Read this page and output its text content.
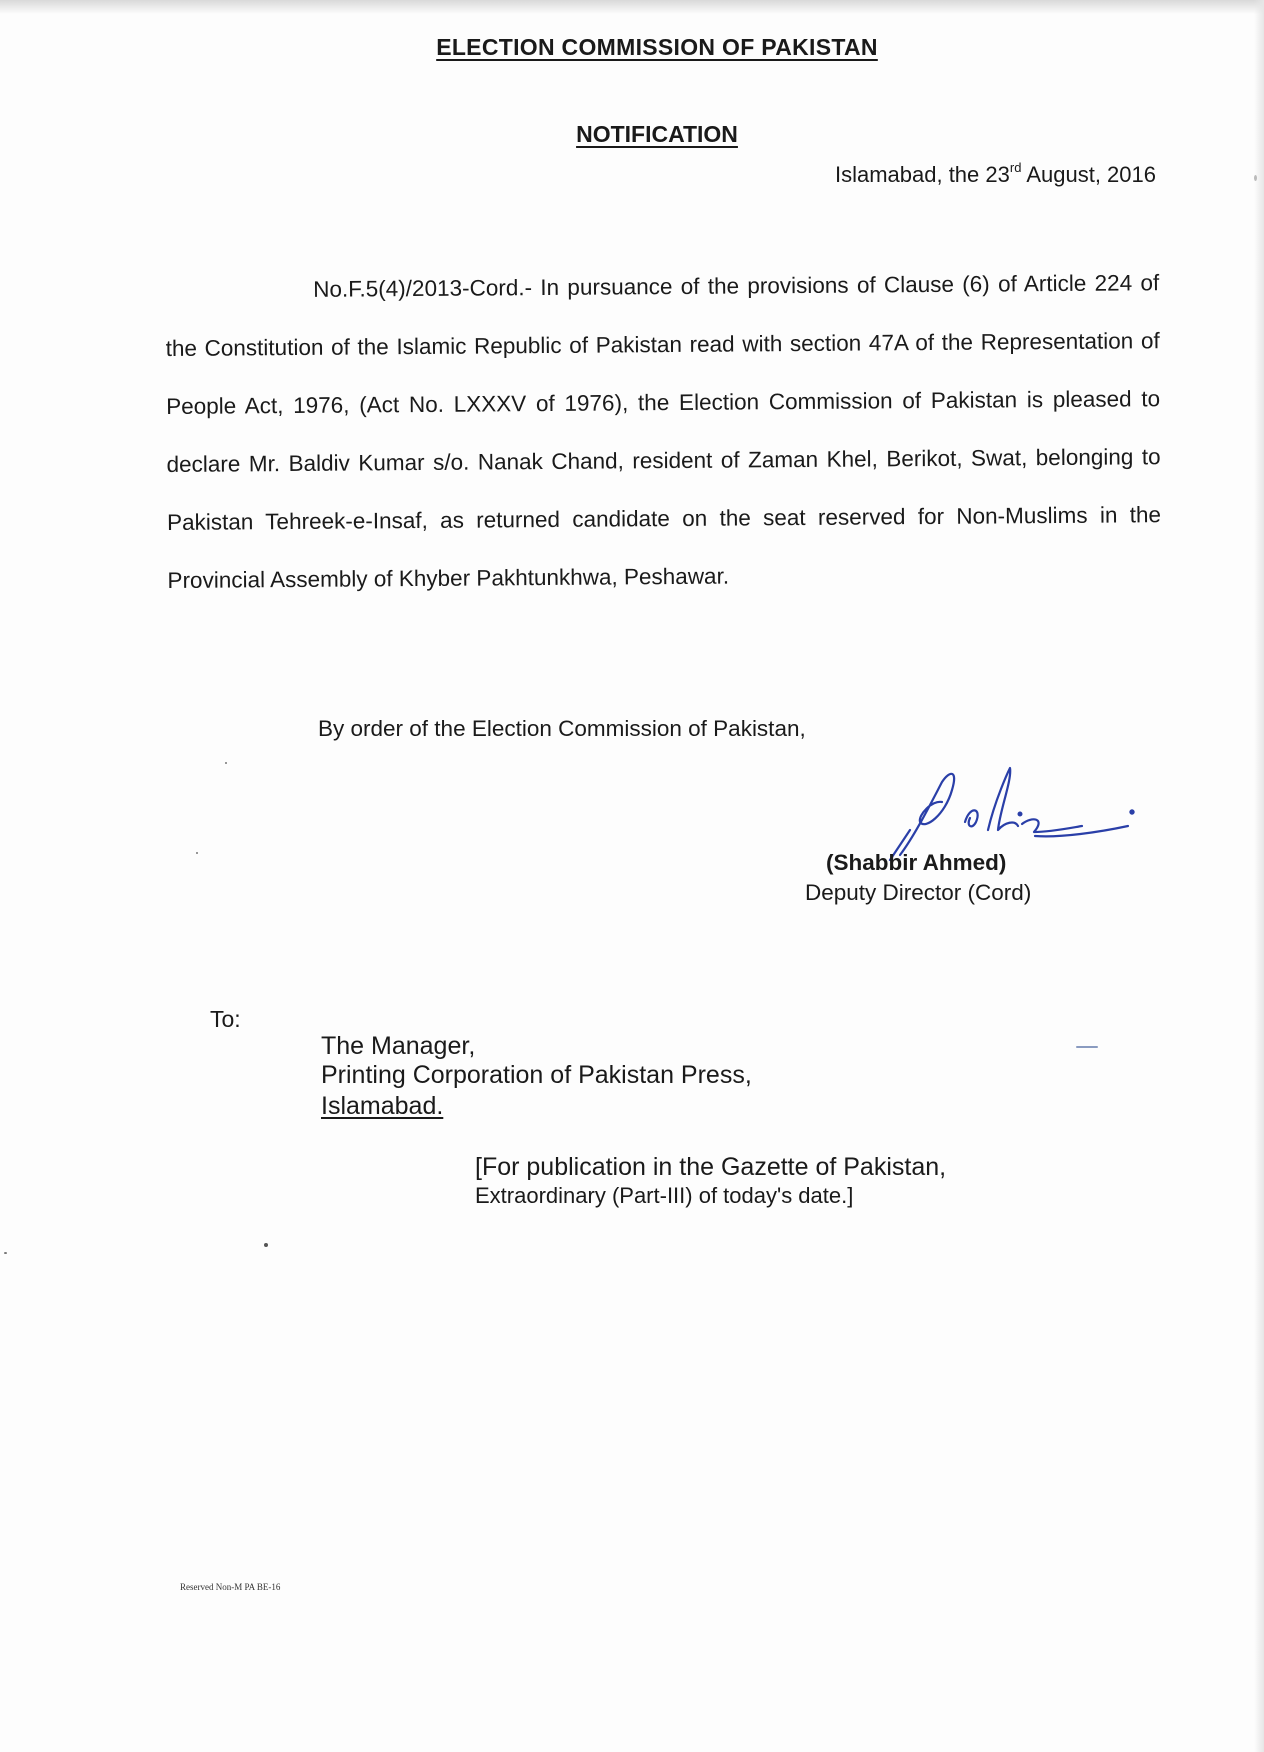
ELECTION COMMISSION OF PAKISTAN
NOTIFICATION
Islamabad, the 23rd August, 2016
No.F.5(4)/2013-Cord.- In pursuance of the provisions of Clause (6) of Article 224 of the Constitution of the Islamic Republic of Pakistan read with section 47A of the Representation of People Act, 1976, (Act No. LXXXV of 1976), the Election Commission of Pakistan is pleased to declare Mr. Baldiv Kumar s/o. Nanak Chand, resident of Zaman Khel, Berikot, Swat, belonging to Pakistan Tehreek-e-Insaf, as returned candidate on the seat reserved for Non-Muslims in the Provincial Assembly of Khyber Pakhtunkhwa, Peshawar.
By order of the Election Commission of Pakistan,
(Shabbir Ahmed)
Deputy Director (Cord)
To:
The Manager,
Printing Corporation of Pakistan Press,
Islamabad.
[For publication in the Gazette of Pakistan,
Extraordinary (Part-III) of today's date.]
Reserved Non-M PA BE-16
